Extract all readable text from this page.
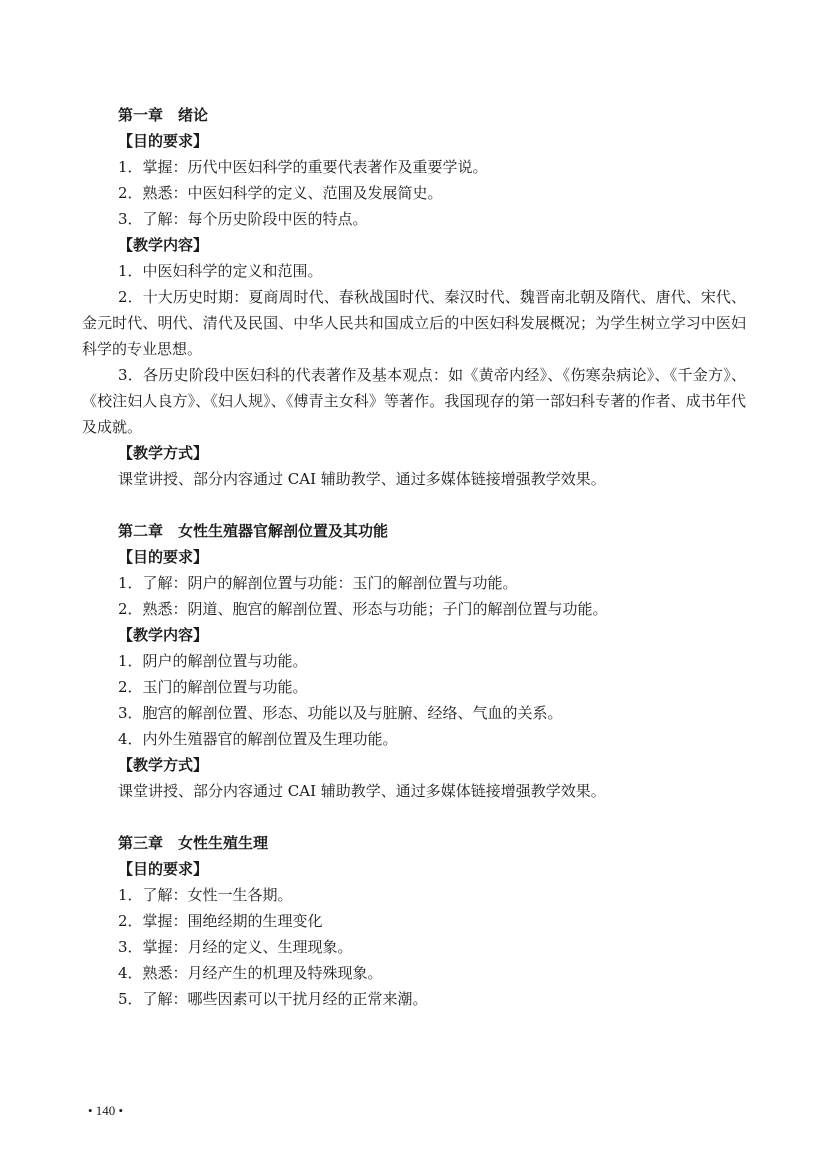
第一章　绪论
【目的要求】
1．掌握：历代中医妇科学的重要代表著作及重要学说。
2．熟悉：中医妇科学的定义、范围及发展简史。
3．了解：每个历史阶段中医的特点。
【教学内容】
1．中医妇科学的定义和范围。
2．十大历史时期：夏商周时代、春秋战国时代、秦汉时代、魏晋南北朝及隋代、唐代、宋代、金元时代、明代、清代及民国、中华人民共和国成立后的中医妇科发展概况；为学生树立学习中医妇科学的专业思想。
3．各历史阶段中医妇科的代表著作及基本观点：如《黄帝内经》、《伤寒杂病论》、《千金方》、《校注妇人良方》、《妇人规》、《傅青主女科》等著作。我国现存的第一部妇科专著的作者、成书年代及成就。
【教学方式】
课堂讲授、部分内容通过 CAI 辅助教学、通过多媒体链接增强教学效果。
第二章　女性生殖器官解剖位置及其功能
【目的要求】
1．了解：阴户的解剖位置与功能：玉门的解剖位置与功能。
2．熟悉：阴道、胞宫的解剖位置、形态与功能；子门的解剖位置与功能。
【教学内容】
1．阴户的解剖位置与功能。
2．玉门的解剖位置与功能。
3．胞宫的解剖位置、形态、功能以及与脏腑、经络、气血的关系。
4．内外生殖器官的解剖位置及生理功能。
【教学方式】
课堂讲授、部分内容通过 CAI 辅助教学、通过多媒体链接增强教学效果。
第三章　女性生殖生理
【目的要求】
1．了解：女性一生各期。
2．掌握：围绝经期的生理变化
3．掌握：月经的定义、生理现象。
4．熟悉：月经产生的机理及特殊现象。
5．了解：哪些因素可以干扰月经的正常来潮。
• 140 •
